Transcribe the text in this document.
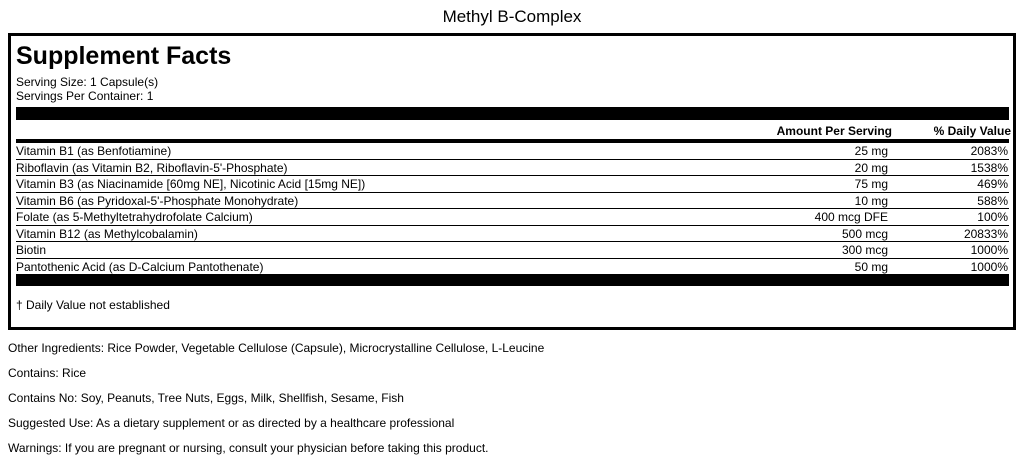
Methyl B-Complex
Supplement Facts
Serving Size: 1 Capsule(s)
Servings Per Container: 1
Amount Per Serving	% Daily Value
Vitamin B1 (as Benfotiamine)	25 mg	2083%
Riboflavin (as Vitamin B2, Riboflavin-5'-Phosphate)	20 mg	1538%
Vitamin B3 (as Niacinamide [60mg NE], Nicotinic Acid [15mg NE])	75 mg	469%
Vitamin B6 (as Pyridoxal-5'-Phosphate Monohydrate)	10 mg	588%
Folate (as 5-Methyltetrahydrofolate Calcium)	400 mcg DFE	100%
Vitamin B12 (as Methylcobalamin)	500 mcg	20833%
Biotin	300 mcg	1000%
Pantothenic Acid (as D-Calcium Pantothenate)	50 mg	1000%
† Daily Value not established
Other Ingredients: Rice Powder, Vegetable Cellulose (Capsule), Microcrystalline Cellulose, L-Leucine
Contains: Rice
Contains No: Soy, Peanuts, Tree Nuts, Eggs, Milk, Shellfish, Sesame, Fish
Suggested Use: As a dietary supplement or as directed by a healthcare professional
Warnings: If you are pregnant or nursing, consult your physician before taking this product.
